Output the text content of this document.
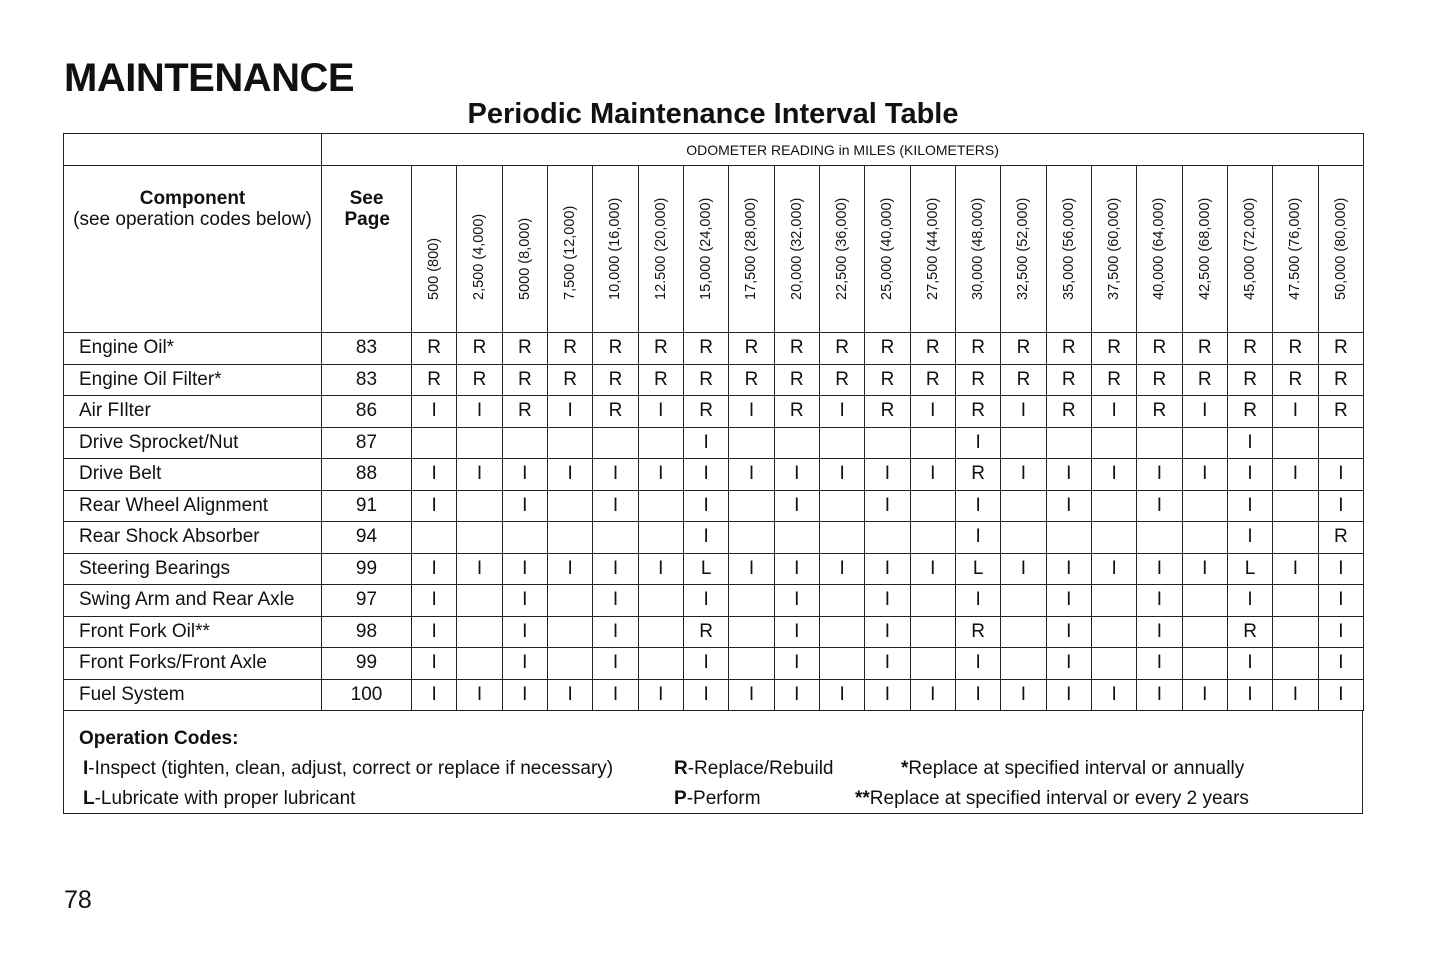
MAINTENANCE
Periodic Maintenance Interval Table
	ODOMETER READING in MILES (KILOMETERS)																					

Component
(see operation codes below)	See Page	500 (800)	2,500 (4,000)	5000 (8,000)	7,500 (12,000)	10,000 (16,000)	12.500 (20,000)	15,000 (24,000)	17,500 (28,000)	20,000 (32,000)	22,500 (36,000)	25,000 (40,000)	27,500 (44,000)	30,000 (48,000)	32,500 (52,000)	35,000 (56,000)	37,500 (60,000)	40,000 (64,000)	42,500 (68,000)	45,000 (72,000)	47.500 (76,000)	50,000 (80,000)

Engine Oil*	83	R	R	R	R	R	R	R	R	R	R	R	R	R	R	R	R	R	R	R	R	R
Engine Oil Filter*	83	R	R	R	R	R	R	R	R	R	R	R	R	R	R	R	R	R	R	R	R	R
Air FIlter	86	I	I	R	I	R	I	R	I	R	I	R	I	R	I	R	I	R	I	R	I	R
Drive Sprocket/Nut	87							I						I						I		
Drive Belt	88	I	I	I	I	I	I	I	I	I	I	I	I	R	I	I	I	I	I	I	I	I
Rear Wheel Alignment	91	I		I		I		I		I		I		I		I		I		I		I
Rear Shock Absorber	94							I						I						I		R
Steering Bearings	99	I	I	I	I	I	I	L	I	I	I	I	I	L	I	I	I	I	I	L	I	I
Swing Arm and Rear Axle	97	I		I		I		I		I		I		I		I		I		I		I
Front Fork Oil**	98	I		I		I		R		I		I		R		I		I		R		I
Front Forks/Front Axle	99	I		I		I		I		I		I		I		I		I		I		I
Fuel System	100	I	I	I	I	I	I	I	I	I	I	I	I	I	I	I	I	I	I	I	I	I
Operation Codes:
I-Inspect (tighten, clean, adjust, correct or replace if necessary)
L-Lubricate with proper lubricant
R-Replace/Rebuild
P-Perform
*Replace at specified interval or annually
**Replace at specified interval or every 2 years
78
